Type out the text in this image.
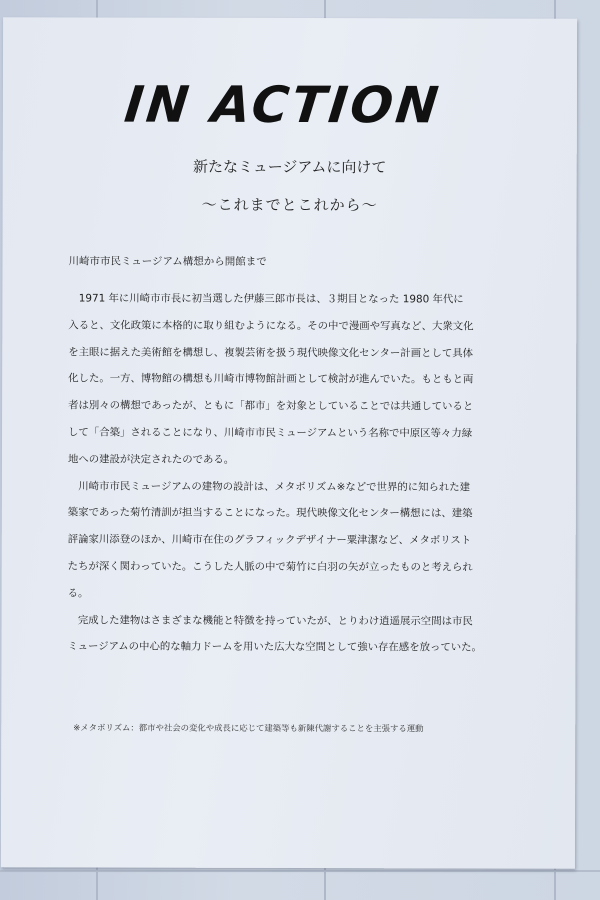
IN ACTION
新たなミュージアムに向けて
〜これまでとこれから〜
川崎市市民ミュージアム構想から開館まで

1971 年に川崎市市長に初当選した伊藤三郎市長は、３期目となった 1980 年代に
入ると、文化政策に本格的に取り組むようになる。その中で漫画や写真など、大衆文化
を主眼に据えた美術館を構想し、複製芸術を扱う現代映像文化センター計画として具体
化した。一方、博物館の構想も川崎市博物館計画として検討が進んでいた。もともと両
者は別々の構想であったが、ともに「都市」を対象としていることでは共通していると
して「合築」されることになり、川崎市市民ミュージアムという名称で中原区等々力緑
地への建設が決定されたのである。

川崎市市民ミュージアムの建物の設計は、メタボリズム※などで世界的に知られた建
築家であった菊竹清訓が担当することになった。現代映像文化センター構想には、建築
評論家川添登のほか、川崎市在住のグラフィックデザイナー粟津潔など、メタボリスト
たちが深く関わっていた。こうした人脈の中で菊竹に白羽の矢が立ったものと考えられ
る。

完成した建物はさまざまな機能と特徴を持っていたが、とりわけ逍遥展示空間は市民
ミュージアムの中心的な軸力ドームを用いた広大な空間として強い存在感を放っていた。

※メタボリズム：都市や社会の変化や成長に応じて建築等も新陳代謝することを主張する運動
